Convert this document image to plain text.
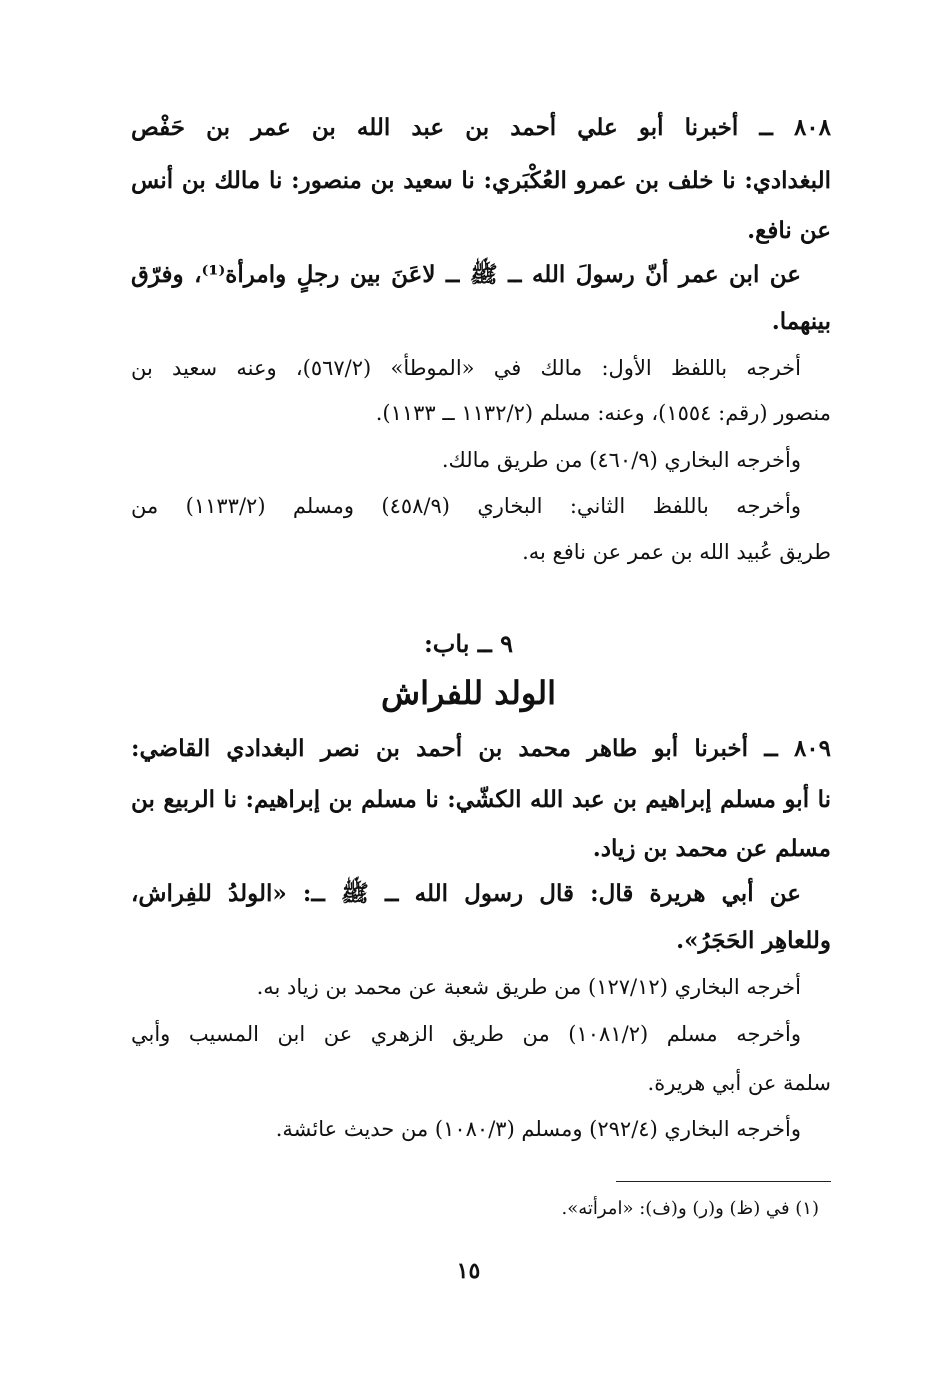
٨٠٨ ــ أخبرنا أبو علي أحمد بن عبد الله بن عمر بن حَفْص
البغدادي: نا خلف بن عمرو العُكْبَري: نا سعيد بن منصور: نا مالك بن أنس
عن نافع.
عن ابن عمر أنّ رسولَ الله ــ ﷺ ــ لاعَنَ بين رجلٍ وامرأة⁽¹⁾، وفرّق
بينهما.
أخرجه باللفظ الأول: مالك في «الموطأ» (٥٦٧/٢)، وعنه سعيد بن
منصور (رقم: ١٥٥٤)، وعنه: مسلم (١١٣٢/٢ ــ ١١٣٣).
وأخرجه البخاري (٤٦٠/٩) من طريق مالك.
وأخرجه باللفظ الثاني: البخاري (٤٥٨/٩) ومسلم (١١٣٣/٢) من
طريق عُبيد الله بن عمر عن نافع به.
٩ ــ باب:
الولد للفراش
٨٠٩ ــ أخبرنا أبو طاهر محمد بن أحمد بن نصر البغدادي القاضي:
نا أبو مسلم إبراهيم بن عبد الله الكشّي: نا مسلم بن إبراهيم: نا الربيع بن
مسلم عن محمد بن زياد.
عن أبي هريرة قال: قال رسول الله ــ ﷺ ــ: «الولدُ للفِراش،
وللعاهِر الحَجَرُ».
أخرجه البخاري (١٢٧/١٢) من طريق شعبة عن محمد بن زياد به.
وأخرجه مسلم (١٠٨١/٢) من طريق الزهري عن ابن المسيب وأبي
سلمة عن أبي هريرة.
وأخرجه البخاري (٢٩٢/٤) ومسلم (١٠٨٠/٣) من حديث عائشة.
(١) في (ظ) و(ر) و(ف): «امرأته».
١٥
